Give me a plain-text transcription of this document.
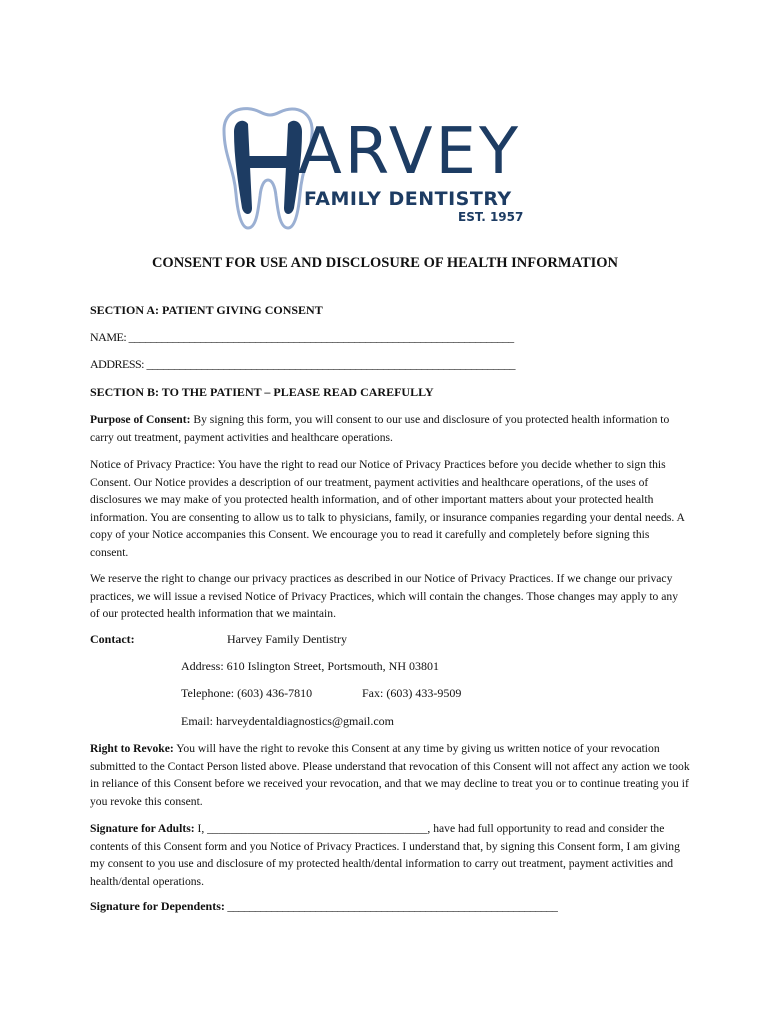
ARVEY
FAMILY DENTISTRY
EST. 1957
CONSENT FOR USE AND DISCLOSURE OF HEALTH INFORMATION
SECTION A: PATIENT GIVING CONSENT
NAME: ______________________________________________________________________
ADDRESS: ___________________________________________________________________
SECTION B: TO THE PATIENT – PLEASE READ CAREFULLY
Purpose of Consent: By signing this form, you will consent to our use and disclosure of you protected health information to carry out treatment, payment activities and healthcare operations.
Notice of Privacy Practice: You have the right to read our Notice of Privacy Practices before you decide whether to sign this Consent. Our Notice provides a description of our treatment, payment activities and healthcare operations, of the uses of disclosures we may make of you protected health information, and of other important matters about your protected health information. You are consenting to allow us to talk to physicians, family, or insurance companies regarding your dental needs. A copy of your Notice accompanies this Consent. We encourage you to read it carefully and completely before signing this consent.
We reserve the right to change our privacy practices as described in our Notice of Privacy Practices. If we change our privacy practices, we will issue a revised Notice of Privacy Practices, which will contain the changes. Those changes may apply to any of our protected health information that we maintain.
Contact:	Harvey Family Dentistry
Address: 610 Islington Street, Portsmouth, NH 03801
Telephone: (603) 436-7810	Fax: (603) 433-9509
Email: harveydentaldiagnostics@gmail.com
Right to Revoke: You will have the right to revoke this Consent at any time by giving us written notice of your revocation submitted to the Contact Person listed above. Please understand that revocation of this Consent will not affect any action we took in reliance of this Consent before we received your revocation, and that we may decline to treat you or to continue treating you if you revoke this consent.
Signature for Adults: I, ______________________________________, have had full opportunity to read and consider the contents of this Consent form and you Notice of Privacy Practices. I understand that, by signing this Consent form, I am giving my consent to you use and disclosure of my protected health/dental information to carry out treatment, payment activities and health/dental operations.
Signature for Dependents: ____________________________________________________________
